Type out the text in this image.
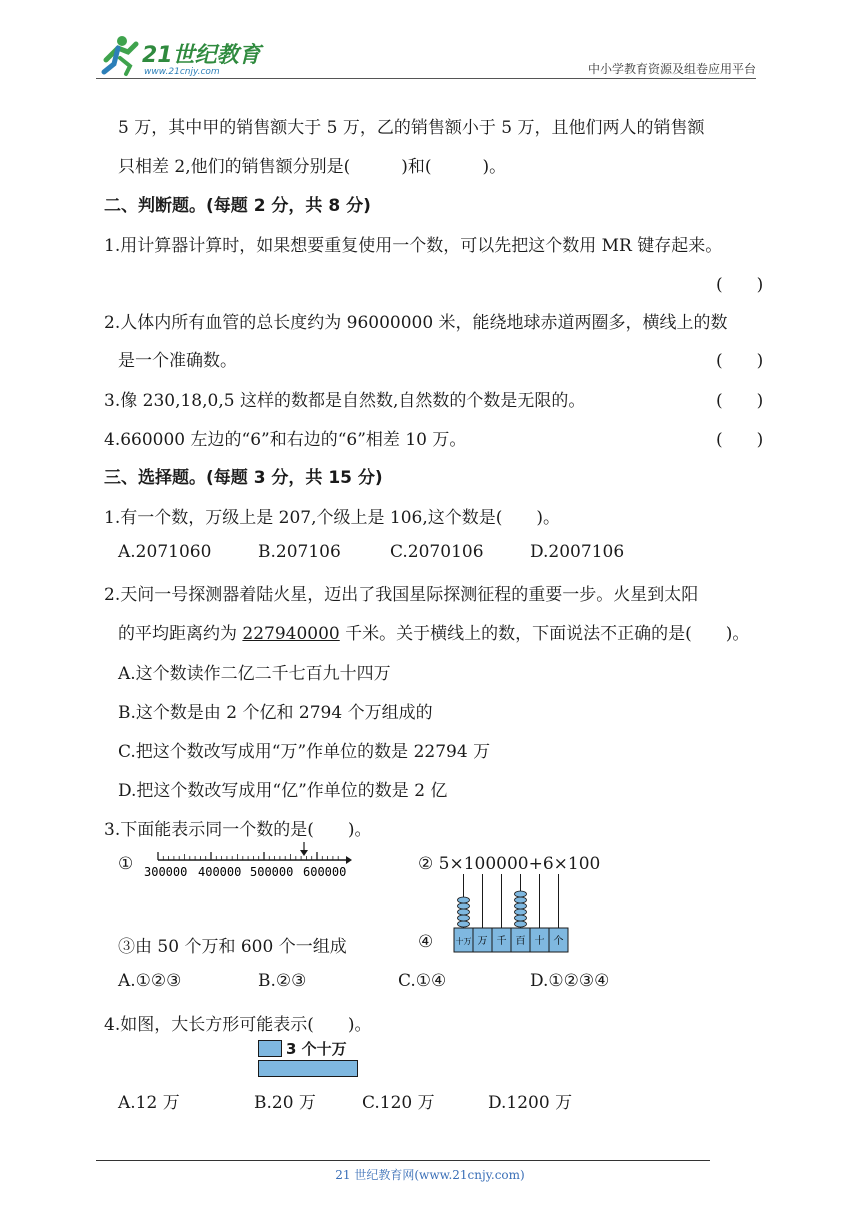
21世纪教育
www.21cnjy.com	中小学教育资源及组卷应用平台
5 万，其中甲的销售额大于 5 万，乙的销售额小于 5 万，且他们两人的销售额
只相差 2,他们的销售额分别是(　　　)和(　　　)。
二、判断题。(每题 2 分，共 8 分)
1.用计算器计算时，如果想要重复使用一个数，可以先把这个数用 MR 键存起来。
(　　)
2.人体内所有血管的总长度约为 96000000 米，能绕地球赤道两圈多，横线上的数
是一个准确数。	(　　)
3.像 230,18,0,5 这样的数都是自然数,自然数的个数是无限的。	(　　)
4.660000 左边的“6”和右边的“6”相差 10 万。	(　　)
三、选择题。(每题 3 分，共 15 分)
1.有一个数，万级上是 207,个级上是 106,这个数是(　　)。
A.2071060	B.207106	C.2070106	D.2007106
2.天问一号探测器着陆火星，迈出了我国星际探测征程的重要一步。火星到太阳
的平均距离约为 227940000 千米。关于横线上的数，下面说法不正确的是(　　)。
A.这个数读作二亿二千七百九十四万
B.这个数是由 2 个亿和 2794 个万组成的
C.把这个数改写成用“万”作单位的数是 22794 万
D.把这个数改写成用“亿”作单位的数是 2 亿
3.下面能表示同一个数的是(　　)。
① 300000 400000 500000 600000	② 5×100000+6×100
③由 50 个万和 600 个一组成	④	十万 万 千 百 十 个
A.①②③	B.②③	C.①④	D.①②③④
4.如图，大长方形可能表示(　　)。
3 个十万
A.12 万	B.20 万	C.120 万	D.1200 万
21 世纪教育网(www.21cnjy.com)
